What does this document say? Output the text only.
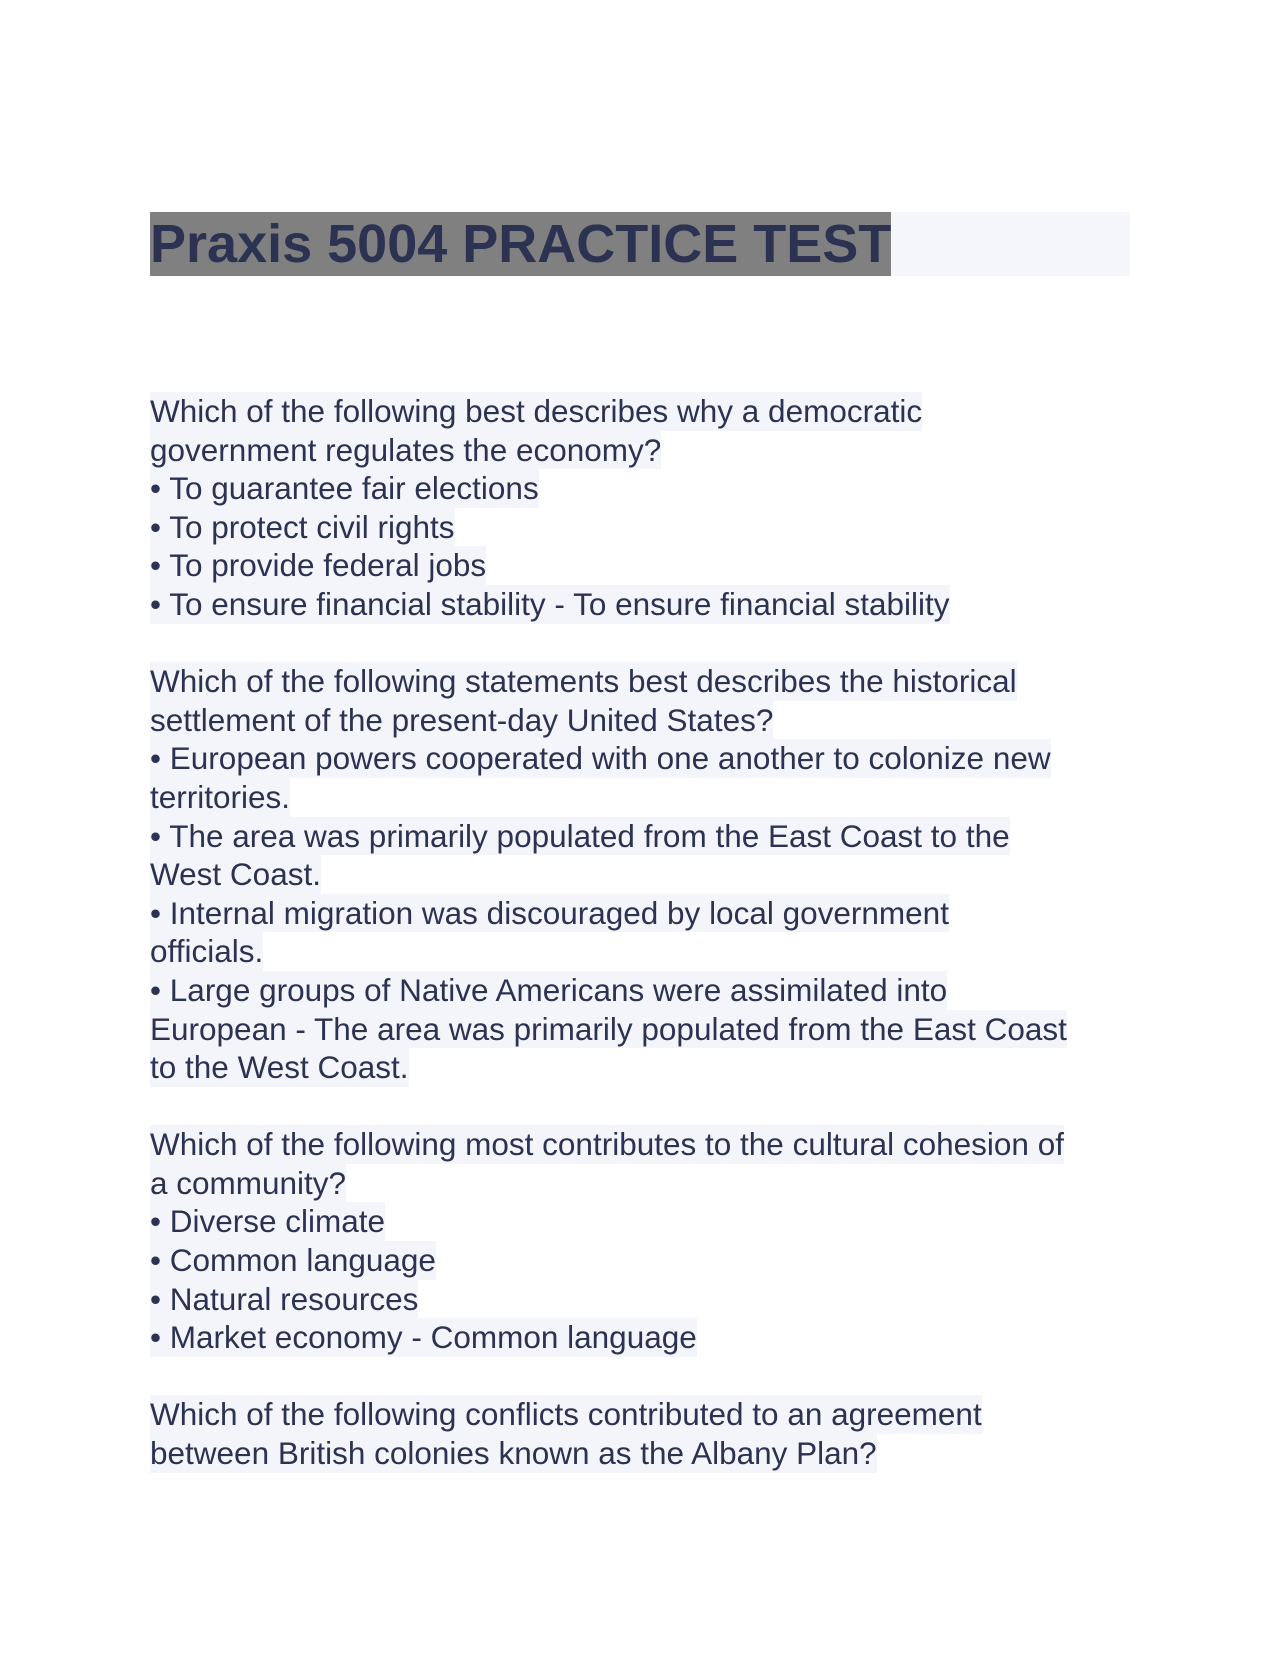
Praxis 5004 PRACTICE TEST

Which of the following best describes why a democratic

government regulates the economy?

• To guarantee fair elections

• To protect civil rights

• To provide federal jobs

• To ensure financial stability - To ensure financial stability

Which of the following statements best describes the historical

settlement of the present-day United States?

• European powers cooperated with one another to colonize new

territories.

• The area was primarily populated from the East Coast to the

West Coast.

• Internal migration was discouraged by local government

officials.

• Large groups of Native Americans were assimilated into

European - The area was primarily populated from the East Coast

to the West Coast.

Which of the following most contributes to the cultural cohesion of

a community?

• Diverse climate

• Common language

• Natural resources

• Market economy - Common language

Which of the following conflicts contributed to an agreement

between British colonies known as the Albany Plan?
